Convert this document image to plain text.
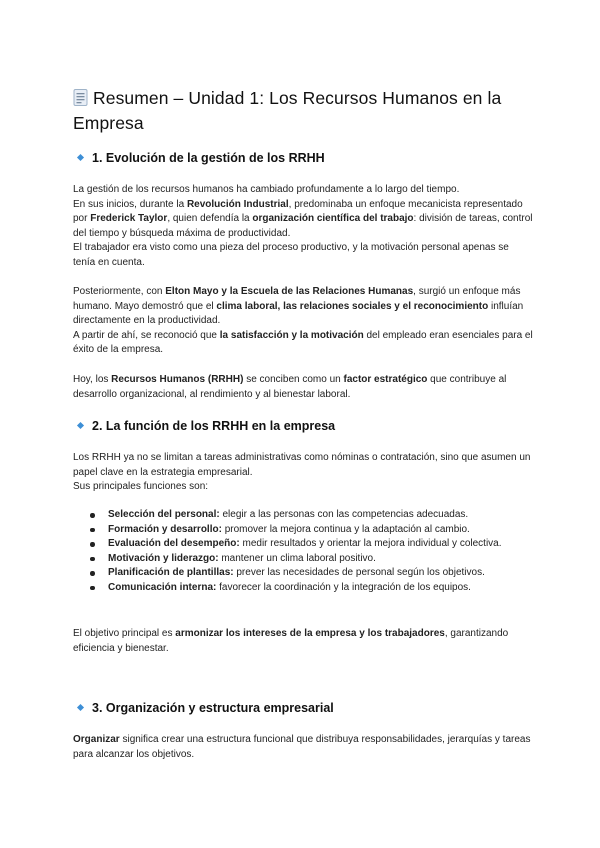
Resumen – Unidad 1: Los Recursos Humanos en la
Empresa
1. Evolución de la gestión de los RRHH

La gestión de los recursos humanos ha cambiado profundamente a lo largo del tiempo.
En sus inicios, durante la Revolución Industrial, predominaba un enfoque mecanicista representado por Frederick Taylor, quien defendía la organización científica del trabajo: división de tareas, control del tiempo y búsqueda máxima de productividad.
El trabajador era visto como una pieza del proceso productivo, y la motivación personal apenas se tenía en cuenta.

Posteriormente, con Elton Mayo y la Escuela de las Relaciones Humanas, surgió un enfoque más humano. Mayo demostró que el clima laboral, las relaciones sociales y el reconocimiento influían directamente en la productividad.
A partir de ahí, se reconoció que la satisfacción y la motivación del empleado eran esenciales para el éxito de la empresa.

Hoy, los Recursos Humanos (RRHH) se conciben como un factor estratégico que contribuye al desarrollo organizacional, al rendimiento y al bienestar laboral.

2. La función de los RRHH en la empresa

Los RRHH ya no se limitan a tareas administrativas como nóminas o contratación, sino que asumen un papel clave en la estrategia empresarial.
Sus principales funciones son:

Selección del personal: elegir a las personas con las competencias adecuadas.
Formación y desarrollo: promover la mejora continua y la adaptación al cambio.
Evaluación del desempeño: medir resultados y orientar la mejora individual y colectiva.
Motivación y liderazgo: mantener un clima laboral positivo.
Planificación de plantillas: prever las necesidades de personal según los objetivos.
Comunicación interna: favorecer la coordinación y la integración de los equipos.

El objetivo principal es armonizar los intereses de la empresa y los trabajadores, garantizando eficiencia y bienestar.

3. Organización y estructura empresarial

Organizar significa crear una estructura funcional que distribuya responsabilidades, jerarquías y tareas para alcanzar los objetivos.
